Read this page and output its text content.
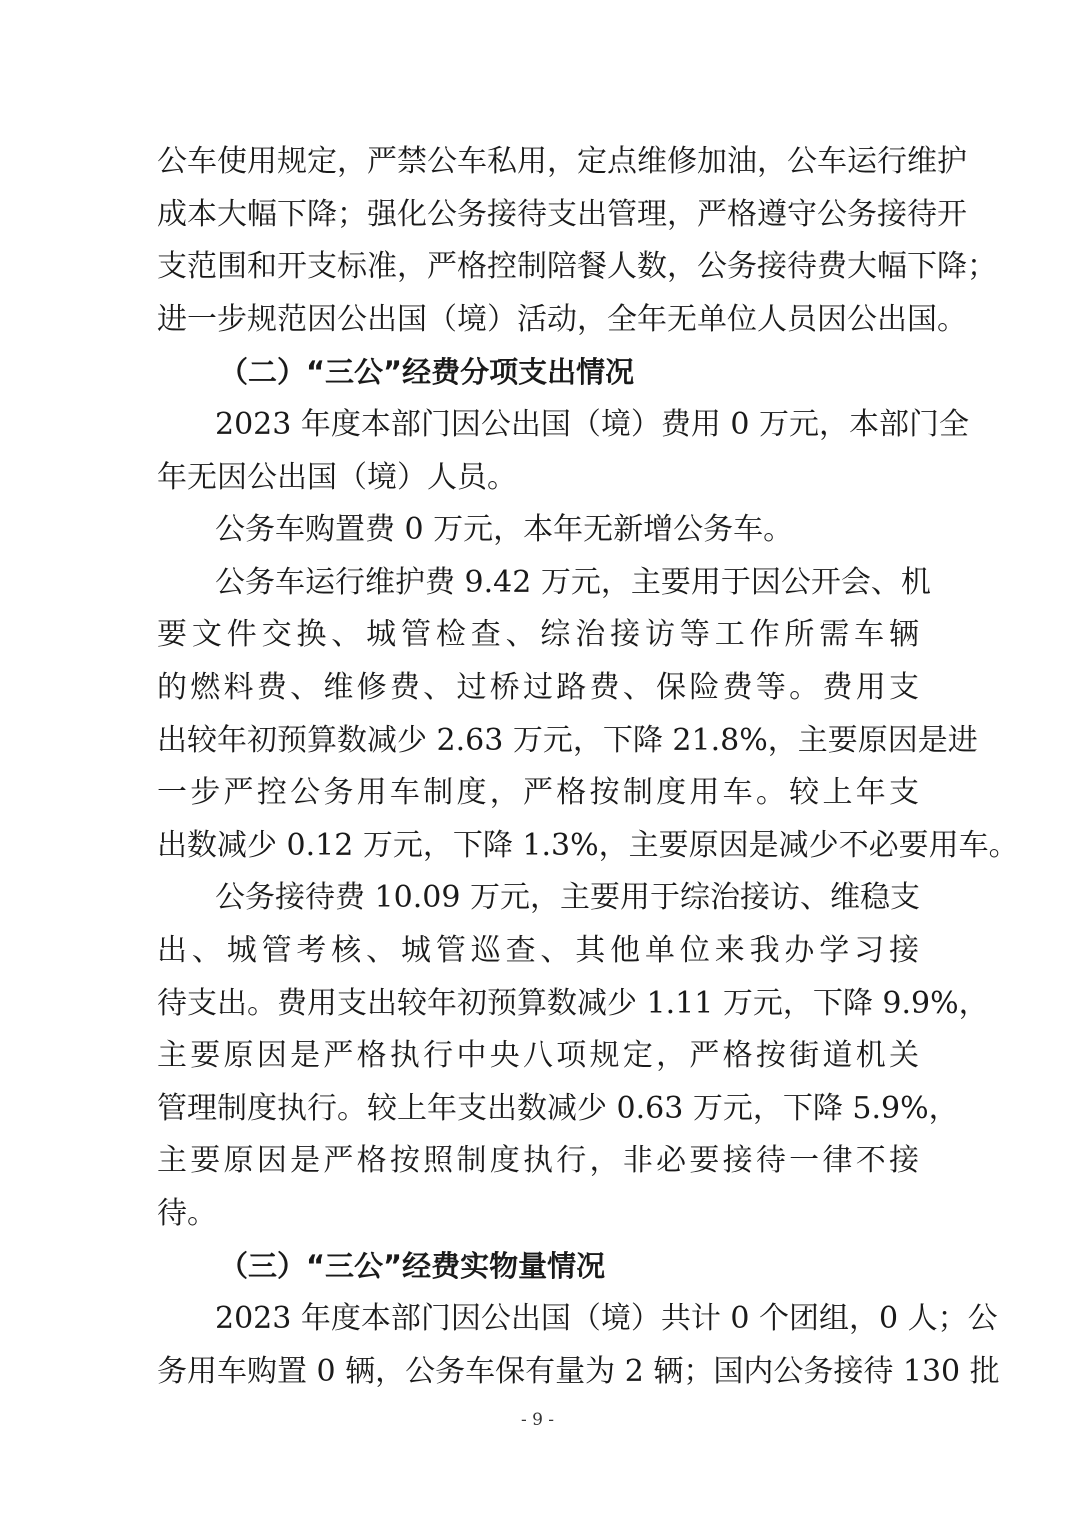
公车使用规定，严禁公车私用，定点维修加油，公车运行维护
成本大幅下降；强化公务接待支出管理，严格遵守公务接待开
支范围和开支标准，严格控制陪餐人数，公务接待费大幅下降；
进一步规范因公出国（境）活动，全年无单位人员因公出国。
（二）“三公”经费分项支出情况
2023 年度本部门因公出国（境）费用 0 万元，本部门全
年无因公出国（境）人员。
公务车购置费 0 万元，本年无新增公务车。
公务车运行维护费 9.42 万元，主要用于因公开会、机
要文件交换、城管检查、综治接访等工作所需车辆
的燃料费、维修费、过桥过路费、保险费等。费用支
出较年初预算数减少 2.63 万元，下降 21.8%，主要原因是进
一步严控公务用车制度，严格按制度用车。较上年支
出数减少 0.12 万元，下降 1.3%，主要原因是减少不必要用车。
公务接待费 10.09 万元，主要用于综治接访、维稳支
出、城管考核、城管巡查、其他单位来我办学习接
待支出。费用支出较年初预算数减少 1.11 万元，下降 9.9%，
主要原因是严格执行中央八项规定，严格按街道机关
管理制度执行。较上年支出数减少 0.63 万元，下降 5.9%，
主要原因是严格按照制度执行，非必要接待一律不接
待。
（三）“三公”经费实物量情况
2023 年度本部门因公出国（境）共计 0 个团组，0 人；公
务用车购置 0 辆，公务车保有量为 2 辆；国内公务接待 130 批
- 9 -
